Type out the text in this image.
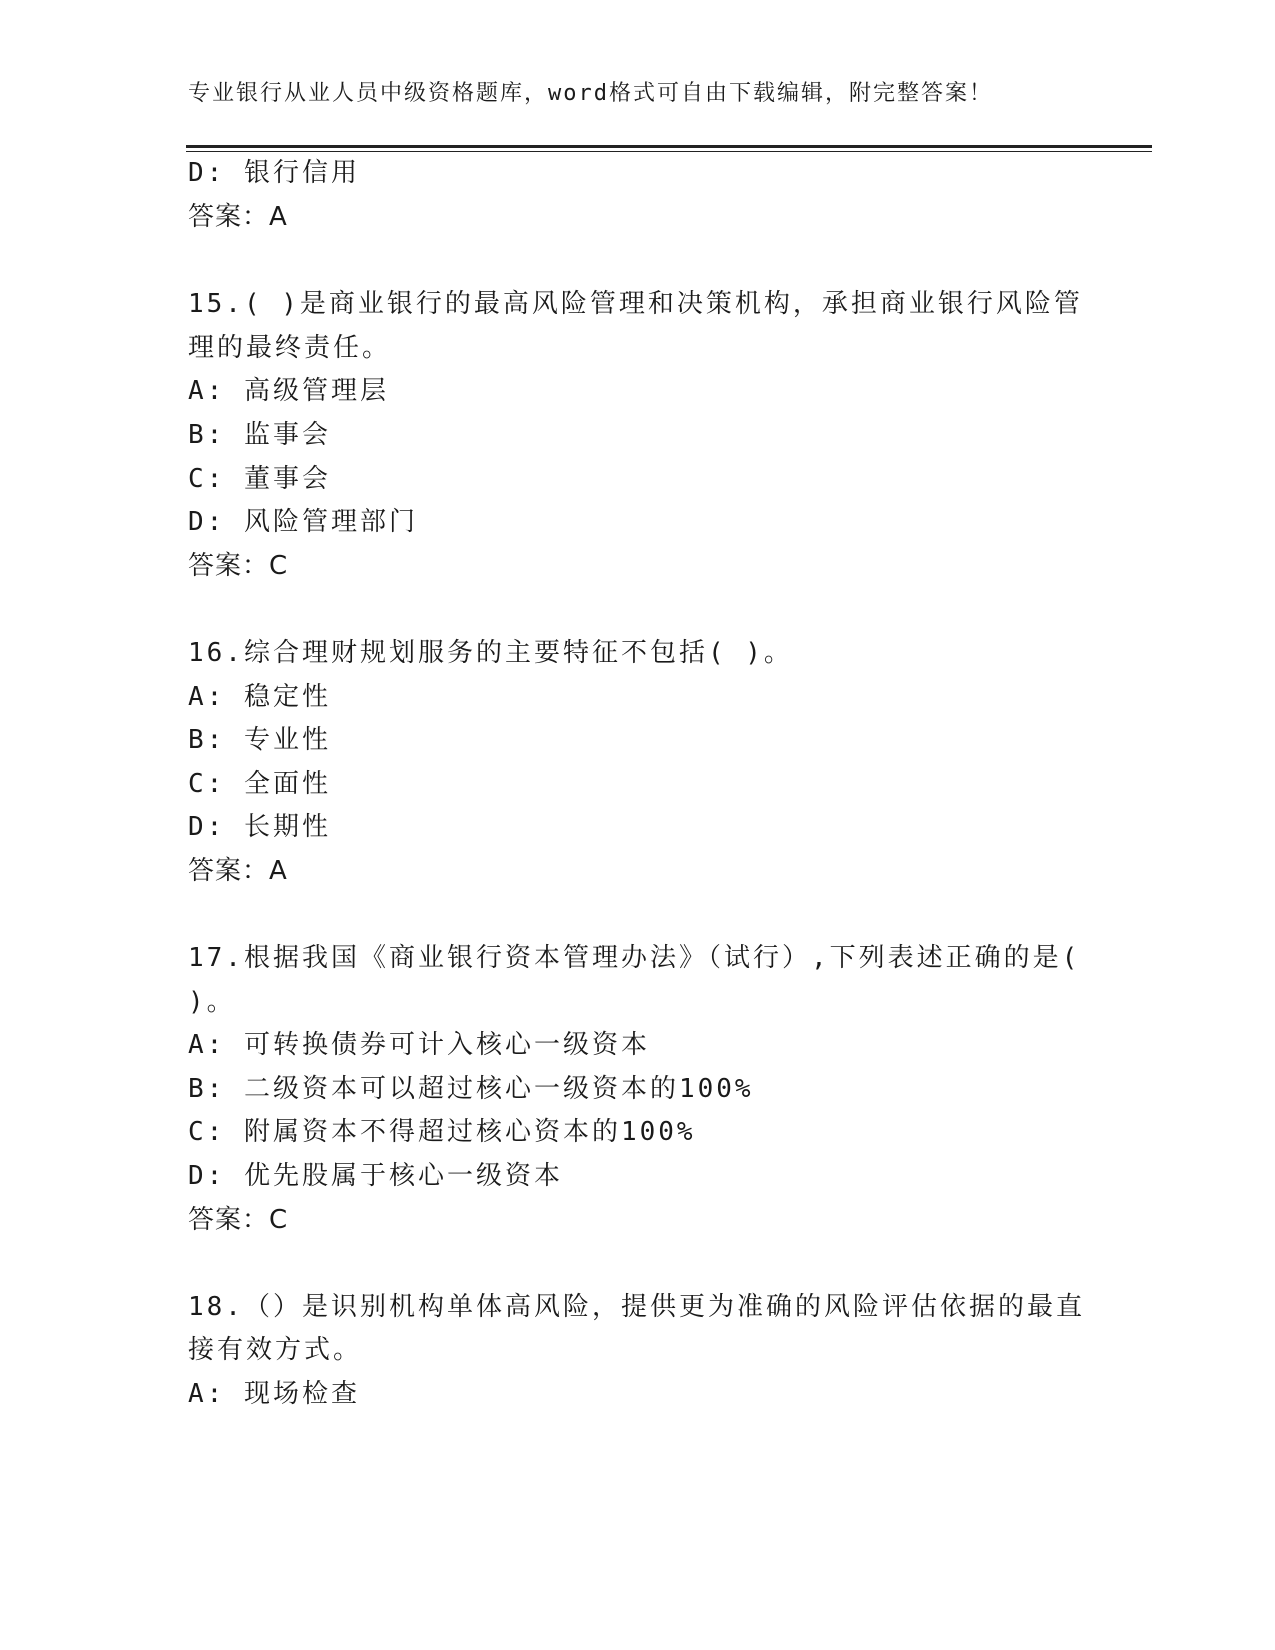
专业银行从业人员中级资格题库，word格式可自由下载编辑，附完整答案！
D: 银行信用
答案：A
15.( )是商业银行的最高风险管理和决策机构，承担商业银行风险管
理的最终责任。
A: 高级管理层
B: 监事会
C: 董事会
D: 风险管理部门
答案：C
16.综合理财规划服务的主要特征不包括( )。
A: 稳定性
B: 专业性
C: 全面性
D: 长期性
答案：A
17.根据我国《商业银行资本管理办法》（试行）,下列表述正确的是(
)。
A: 可转换债券可计入核心一级资本
B: 二级资本可以超过核心一级资本的100%
C: 附属资本不得超过核心资本的100%
D: 优先股属于核心一级资本
答案：C
18.（）是识别机构单体高风险，提供更为准确的风险评估依据的最直
接有效方式。
A: 现场检查
